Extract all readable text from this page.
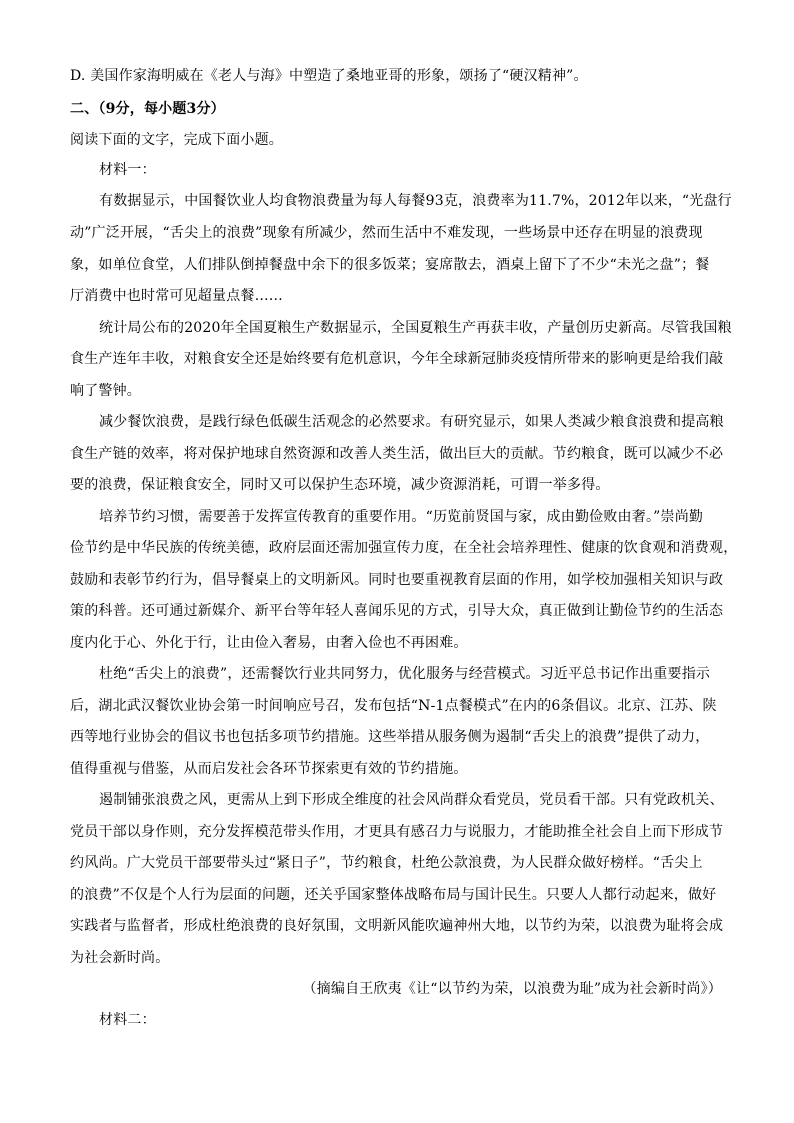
D. 美国作家海明威在《老人与海》中塑造了桑地亚哥的形象，颂扬了“硬汉精神”。
二、（9分，每小题3分）
阅读下面的文字，完成下面小题。
材料一：
有数据显示，中国餐饮业人均食物浪费量为每人每餐93克，浪费率为11.7%，2012年以来，“光盘行
动”广泛开展，“舌尖上的浪费”现象有所减少，然而生活中不难发现，一些场景中还存在明显的浪费现
象，如单位食堂，人们排队倒掉餐盘中余下的很多饭菜；宴席散去，酒桌上留下了不少“未光之盘”；餐
厅消费中也时常可见超量点餐……
统计局公布的2020年全国夏粮生产数据显示，全国夏粮生产再获丰收，产量创历史新高。尽管我国粮
食生产连年丰收，对粮食安全还是始终要有危机意识，今年全球新冠肺炎疫情所带来的影响更是给我们敲
响了警钟。
减少餐饮浪费，是践行绿色低碳生活观念的必然要求。有研究显示，如果人类减少粮食浪费和提高粮
食生产链的效率，将对保护地球自然资源和改善人类生活，做出巨大的贡献。节约粮食，既可以减少不必
要的浪费，保证粮食安全，同时又可以保护生态环境，减少资源消耗，可谓一举多得。
培养节约习惯，需要善于发挥宣传教育的重要作用。“历览前贤国与家，成由勤俭败由奢。”崇尚勤
俭节约是中华民族的传统美德，政府层面还需加强宣传力度，在全社会培养理性、健康的饮食观和消费观，
鼓励和表彰节约行为，倡导餐桌上的文明新风。同时也要重视教育层面的作用，如学校加强相关知识与政
策的科普。还可通过新媒介、新平台等年轻人喜闻乐见的方式，引导大众，真正做到让勤俭节约的生活态
度内化于心、外化于行，让由俭入奢易，由奢入俭也不再困难。
杜绝“舌尖上的浪费”，还需餐饮行业共同努力，优化服务与经营模式。习近平总书记作出重要指示
后，湖北武汉餐饮业协会第一时间响应号召，发布包括“N-1点餐模式”在内的6条倡议。北京、江苏、陕
西等地行业协会的倡议书也包括多项节约措施。这些举措从服务侧为遏制“舌尖上的浪费”提供了动力，
值得重视与借鉴，从而启发社会各环节探索更有效的节约措施。
遏制铺张浪费之风，更需从上到下形成全维度的社会风尚群众看党员，党员看干部。只有党政机关、
党员干部以身作则，充分发挥模范带头作用，才更具有感召力与说服力，才能助推全社会自上而下形成节
约风尚。广大党员干部要带头过“紧日子”，节约粮食，杜绝公款浪费，为人民群众做好榜样。“舌尖上
的浪费”不仅是个人行为层面的问题，还关乎国家整体战略布局与国计民生。只要人人都行动起来，做好
实践者与监督者，形成杜绝浪费的良好氛围，文明新风能吹遍神州大地，以节约为荣，以浪费为耻将会成
为社会新时尚。
（摘编自王欣夷《让“以节约为荣，以浪费为耻”成为社会新时尚》）
材料二：
